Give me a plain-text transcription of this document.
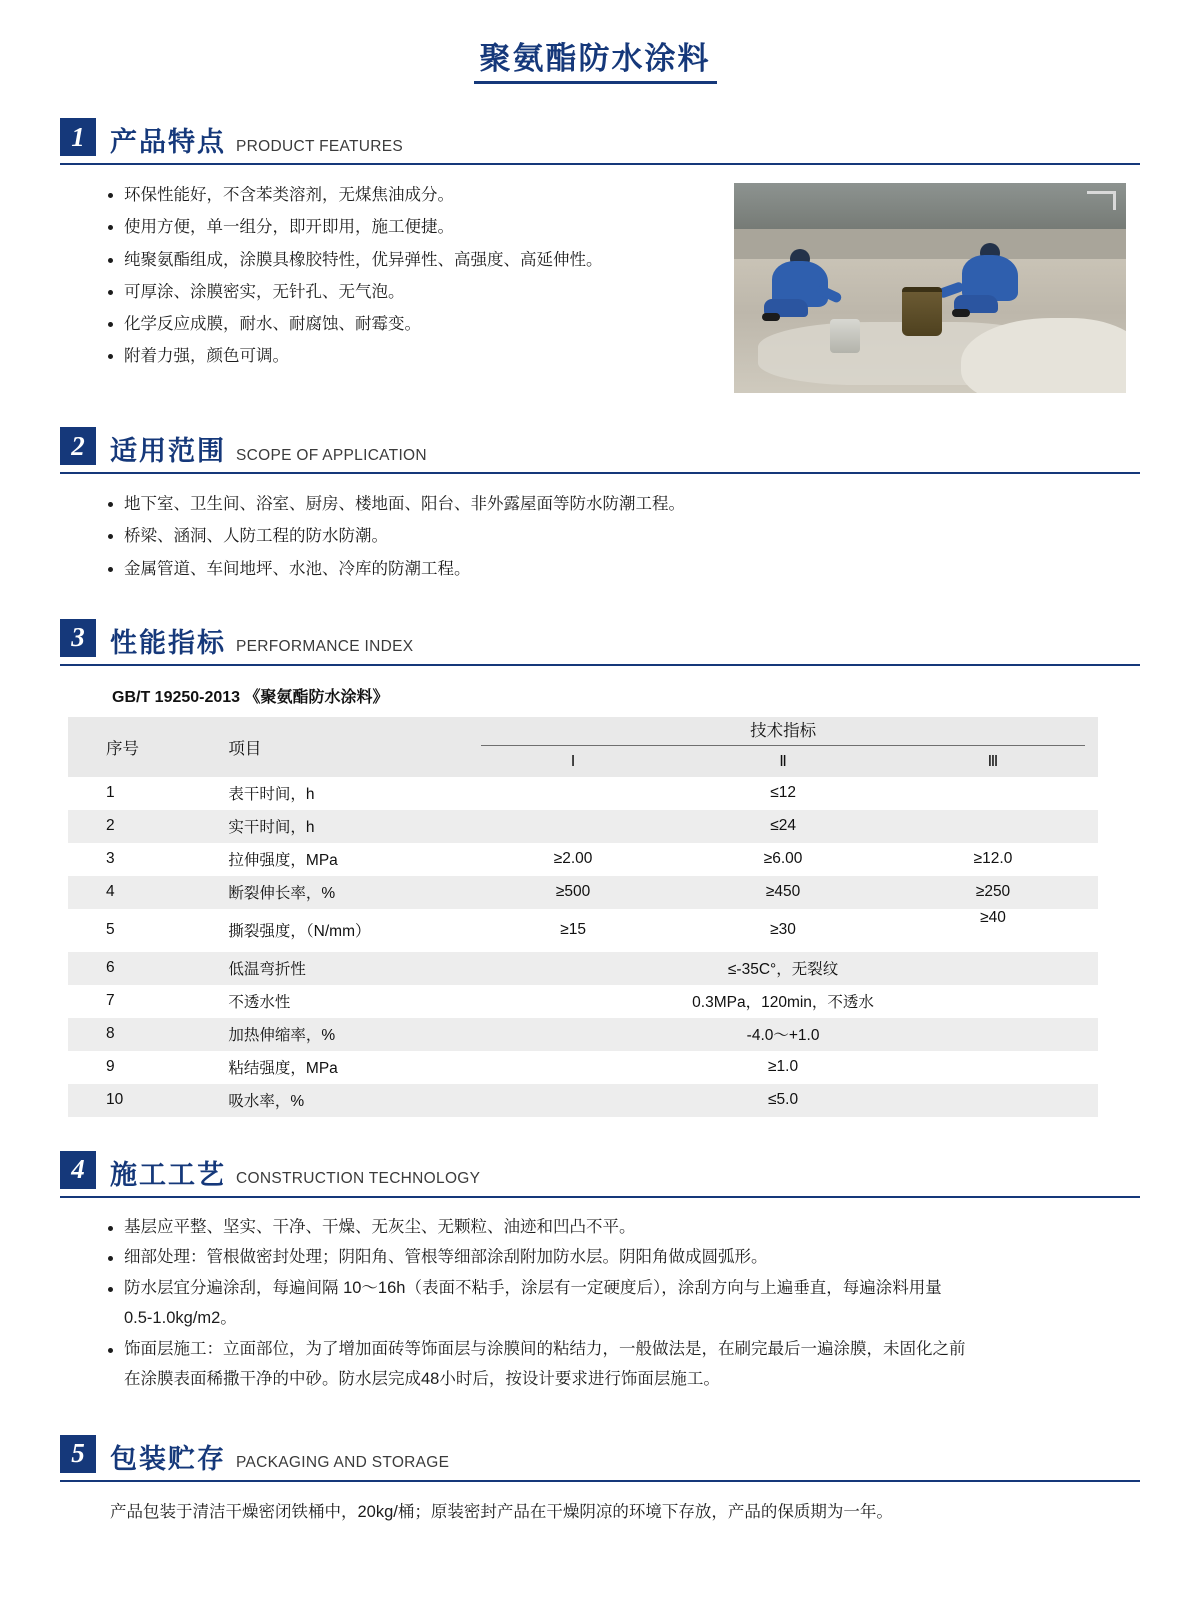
聚氨酯防水涂料
1 产品特点 PRODUCT FEATURES
环保性能好，不含苯类溶剂，无煤焦油成分。
使用方便，单一组分，即开即用，施工便捷。
纯聚氨酯组成，涂膜具橡胶特性，优异弹性、高强度、高延伸性。
可厚涂、涂膜密实，无针孔、无气泡。
化学反应成膜，耐水、耐腐蚀、耐霉变。
附着力强，颜色可调。
2 适用范围 SCOPE OF APPLICATION
地下室、卫生间、浴室、厨房、楼地面、阳台、非外露屋面等防水防潮工程。
桥梁、涵洞、人防工程的防水防潮。
金属管道、车间地坪、水池、冷库的防潮工程。
3 性能指标 PERFORMANCE INDEX
GB/T 19250-2013 《聚氨酯防水涂料》
序号	项目	技术指标		

		Ⅰ	Ⅱ	Ⅲ
1	表干时间，h	≤12		
2	实干时间，h	≤24		
3	拉伸强度，MPa	≥2.00	≥6.00	≥12.0
4	断裂伸长率，%	≥500	≥450	≥250
5	撕裂强度，（N/mm）	≥15	≥30	≥40
6	低温弯折性	≤-35C°，无裂纹		
7	不透水性	0.3MPa，120min，不透水		
8	加热伸缩率，%	-4.0～+1.0		
9	粘结强度，MPa	≥1.0		
10	吸水率，%	≤5.0		
4 施工工艺 CONSTRUCTION TECHNOLOGY
基层应平整、坚实、干净、干燥、无灰尘、无颗粒、油迹和凹凸不平。
细部处理：管根做密封处理；阴阳角、管根等细部涂刮附加防水层。阴阳角做成圆弧形。
防水层宜分遍涂刮，每遍间隔 10～16h（表面不粘手，涂层有一定硬度后），涂刮方向与上遍垂直，每遍涂料用量
0.5-1.0kg/m2。
饰面层施工：立面部位，为了增加面砖等饰面层与涂膜间的粘结力，一般做法是，在刷完最后一遍涂膜，未固化之前
在涂膜表面稀撒干净的中砂。防水层完成48小时后，按设计要求进行饰面层施工。
5 包装贮存 PACKAGING AND STORAGE
产品包装于清洁干燥密闭铁桶中，20kg/桶；原装密封产品在干燥阴凉的环境下存放，产品的保质期为一年。
